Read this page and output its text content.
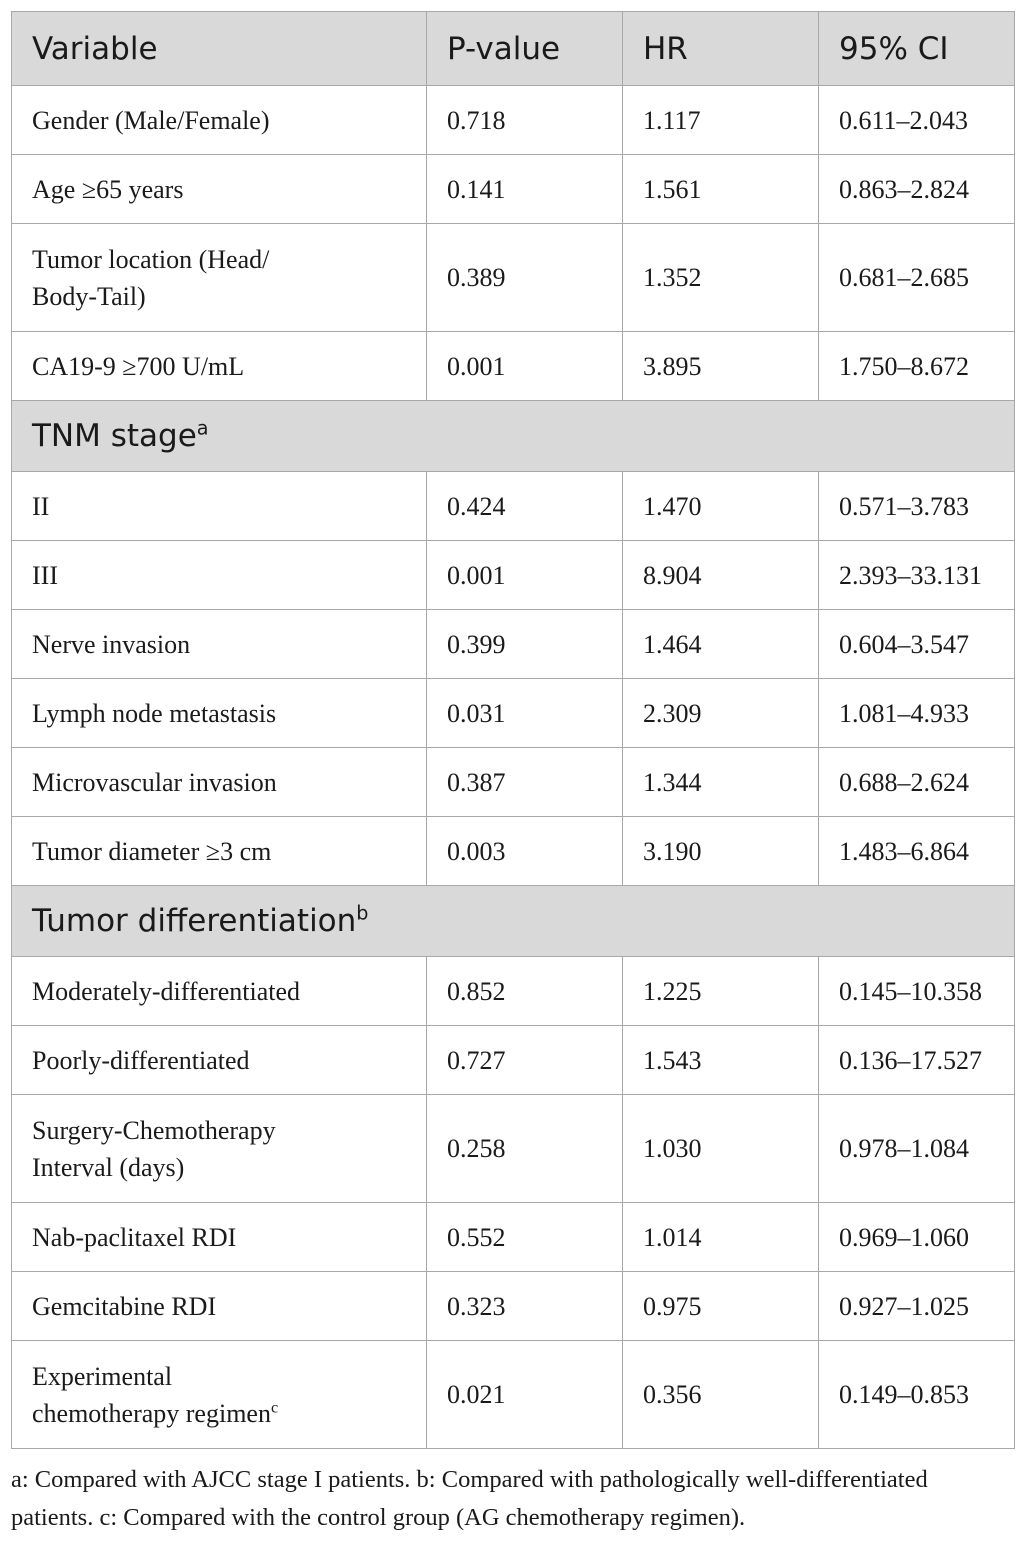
Variable	P-value	HR	95% CI
Gender (Male/Female)	0.718	1.117	0.611–2.043
Age ≥65 years	0.141	1.561	0.863–2.824
Tumor location (Head/
Body-Tail)	0.389	1.352	0.681–2.685
CA19-9 ≥700 U/mL	0.001	3.895	1.750–8.672
TNM stage$^a$
II	0.424	1.470	0.571–3.783
III	0.001	8.904	2.393–33.131
Nerve invasion	0.399	1.464	0.604–3.547
Lymph node metastasis	0.031	2.309	1.081–4.933
Microvascular invasion	0.387	1.344	0.688–2.624
Tumor diameter ≥3 cm	0.003	3.190	1.483–6.864
Tumor differentiation$^b$
Moderately-differentiated	0.852	1.225	0.145–10.358
Poorly-differentiated	0.727	1.543	0.136–17.527
Surgery-Chemotherapy
Interval (days)	0.258	1.030	0.978–1.084
Nab-paclitaxel RDI	0.552	1.014	0.969–1.060
Gemcitabine RDI	0.323	0.975	0.927–1.025
Experimental
chemotherapy regimen$^c$	0.021	0.356	0.149–0.853

a: Compared with AJCC stage I patients. b: Compared with pathologically well-differentiated
patients. c: Compared with the control group (AG chemotherapy regimen).
